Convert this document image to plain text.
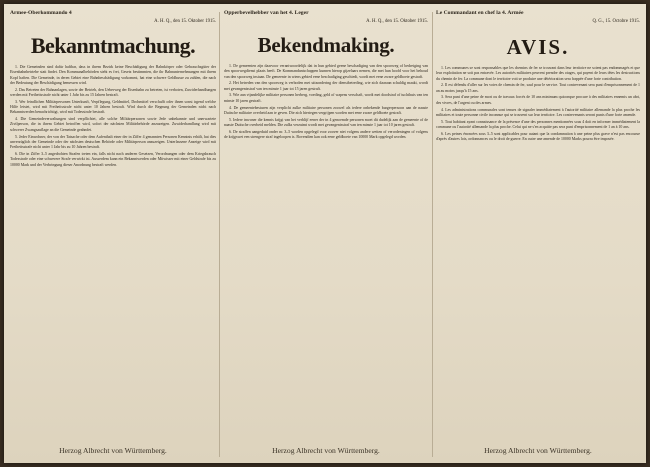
Armee-Oberkommando 4
A. H. Q., den 15. Oktober 1915.
Bekanntmachung.

1. Die Gemeinden sind dafür haftbar, dass in ihrem Bezirk keine Beschädigung der Bahnkörper oder Gebrauchsgüter der Eisenbahnbetriebe statt findet. Den Kommunalbehörden steht es frei, Gesetz bestimmten, die ihr Bahnunternehmungen mit ihrem Kopf haften. Die Gemeinde, in deren Gebiet eine Bahnbeschädigung vorkommt, hat eine schwere Geldbusse zu zahlen, die nach der Bedeutung der Beschädigung bemessen wird.

2. Das Betreten der Bahnanlagen, sowie der Betrieb, den Ueberweg der Eisenbahn zu betreten, ist verboten, Zuwiderhandlungen werden mit Freiheitsstrafe nicht unter 1 Jahr bis zu 15 Jahren bestraft.

3. Wer feindlichen Militärpersonen Unterkunft, Verpflegung, Geldmittel, Drohmittel verschafft oder ihnen sonst irgend welche Hilfe leistet, wird mit Freiheitsstrafe nicht unter 10 Jahren bestraft. Wird durch die Begnung der Gemeinden nicht nach Bekanntwerden benachrichtigt, wird mit Todesstrafe bestraft.

4. Die Gemeindeverwaltungen sind verpflichtet, alle solche Militärpersonen sowie Jede unbekannte und unerwartete Zivilperson, die in ihrem Gebiet betroffen wird, sofort der nächsten Militärbehörde anzuzeigen. Zuwiderhandlung wird mit schwerer Zwangsauflage an die Gemeinde geahndet.

5. Jeder Einwohner, der von der Tatsache oder dem Aufenthalt einer der in Ziffer 4 genannten Personen Kenntnis erhält, hat dies unverzüglich der Gemeinde oder der nächsten deutschen Behörde oder Militärperson anzuzeigen. Unterlassene Anzeige wird mit Freiheitsstrafe nicht unter 1 Jahr bis zu 10 Jahren bestraft.

6. Die in Ziffer 3–5 angedrohten Strafen treten ein, falls nicht nach anderen Gesetzen, Verordnungen oder dem Kriegsbrauch Todesstrafe oder eine schwerere Strafe verwirkt ist. Ausserdem kann ein Bekanntwerden oder Mitwisser mit einer Geldstrafe bis zu 10000 Mark und der Verbringung dieser Anordnung bestraft werden.

Herzog Albrecht von Württemberg.
Opperbevelhebber van het 4. Leger
A. H. Q., den 15. Oktober 1915.
Bekendmaking.

1. De gemeenten zijn daarvoor verantwoordelijk dat in hun gebied geene beschadiging van den spoorweg of bedreiging van den spoorwegdienst plaats heeft. De Kommandantschappen kunnen hierop gijzelaars nemen, die met hun hoofd voor het behoud van den spoorweg instaan. De gemeente in wiens gebied eene beschadiging geschiedt, wordt met eene zware geldboete gestraft.

2. Het betreden van den spoorweg is verboden met uitzondering der dienstbetreding, wie zich daaraan schuldig maakt, wordt met gevangenisstraf van ten minste 1 jaar tot 15 jaren gestraft.

3. Wie aan vijandelijke militaire personen herberg, voeding, geld of wapens verschaft, wordt met doodstraf of tuchthuis van ten minste 10 jaren gestraft.

4. De gemeentebesturen zijn verplicht zulke militaire personen zoowel als iedere onbekende burgerpersoon aan de naaste Duitsche militaire overheid aan te geven. Die zich hiertegen vergrijpen worden met eene zware geldboete gestraft.

5. Iedere inwoner die kennis krijgt van het verblijf eener der in 4 genoemde personen moet dit dadelijk aan de gemeente of de naaste Duitsche overheid melden. Die zulks verzuimt wordt met gevangenisstraf van ten minste 1 jaar tot 10 jaren gestraft.

6. De straffen aangeduid onder nr. 3–5 worden opgelegd voor zoover niet volgens andere wetten of verordeningen of volgens de krijgswet een strengere straf ingeloopen is. Bovendien kan ook eene geldboete van 10000 Mark opgelegd worden.

Herzog Albrecht von Württemberg.
Le Commandant en chef la 4. Armée
Q. G., 15. Octobre 1915.
AVIS.

1. Les communes se sont responsables que les chemins de fer se trouvant dans leur territoire ne soient pas endommagés et que leur exploitation ne soit pas entravée. Les autorités militaires peuvent prendre des otages, qui payent de leurs têtes les destructions du chemin de fer. La commune dont le territoire voit se produire une détérioration sera frappée d'une forte contribution.

2. Il est défendu d'aller sur les voies de chemin de fer, sauf pour le service. Tout contrevenant sera puni d'emprisonnement de 1 an au moins jusqu'à 15 ans.

3. Sera puni d'une peine de mort ou de travaux forcés de 10 ans minimum quiconque procure à des militaires ennemis un abri, des vivres, de l'argent ou des armes.

4. Les administrations communales sont tenues de signaler immédiatement à l'autorité militaire allemande la plus proche les militaires et toute personne civile inconnue qui se trouvent sur leur territoire. Les contrevenants seront punis d'une forte amende.

5. Tout habitant ayant connaissance de la présence d'une des personnes mentionnées sous 4 doit en informer immédiatement la commune ou l'autorité allemande la plus proche. Celui qui ne s'en acquitte pas sera puni d'emprisonnement de 1 an à 10 ans.

6. Les peines énoncées sous 3–5 sont applicables pour autant que la condamnation à une peine plus grave n'est pas encourue d'après d'autres lois, ordonnances ou le droit de guerre. En outre une amende de 10000 Marks pourra être imposée.

Herzog Albrecht von Württemberg.
